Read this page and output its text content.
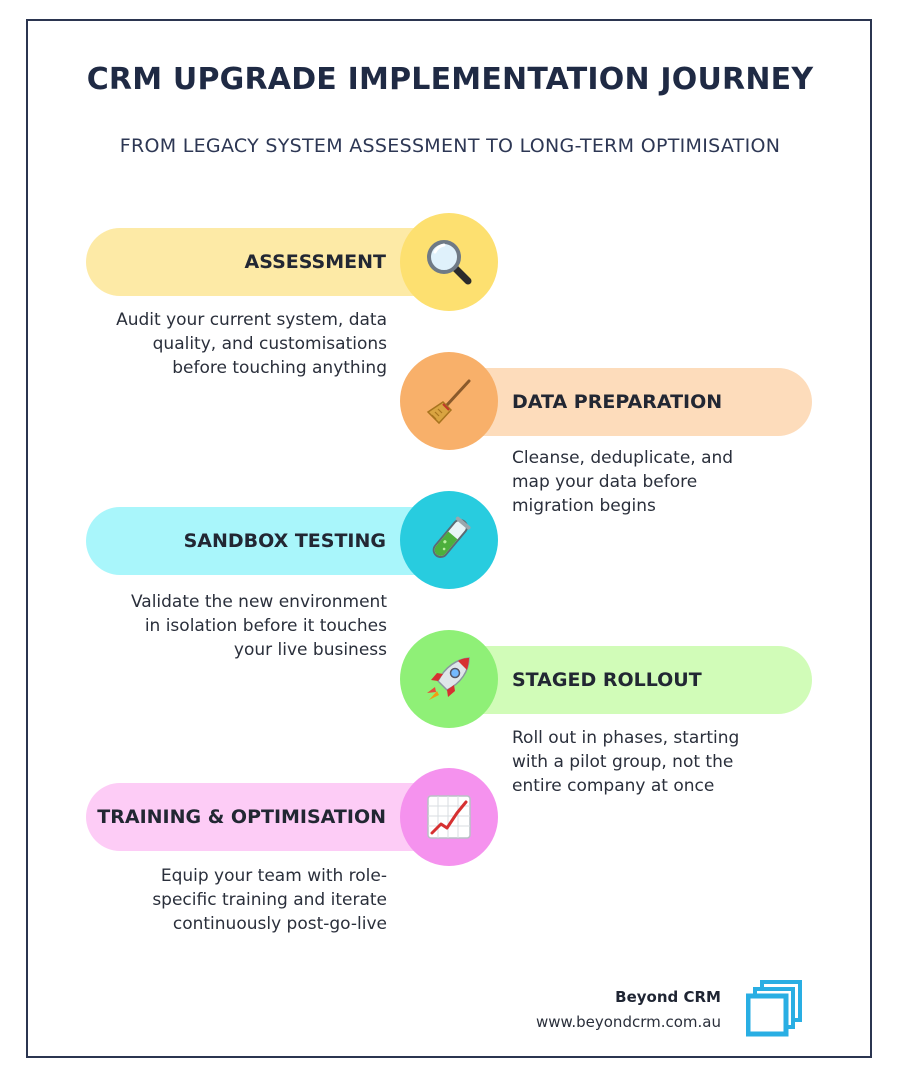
CRM UPGRADE IMPLEMENTATION JOURNEY
FROM LEGACY SYSTEM ASSESSMENT TO LONG-TERM OPTIMISATION
ASSESSMENT
Audit your current system, data
quality, and customisations
before touching anything
DATA PREPARATION
Cleanse, deduplicate, and
map your data before
migration begins
SANDBOX TESTING
Validate the new environment
in isolation before it touches
your live business
STAGED ROLLOUT
Roll out in phases, starting
with a pilot group, not the
entire company at once
TRAINING & OPTIMISATION
Equip your team with role-
specific training and iterate
continuously post-go-live
Beyond CRM
www.beyondcrm.com.au
